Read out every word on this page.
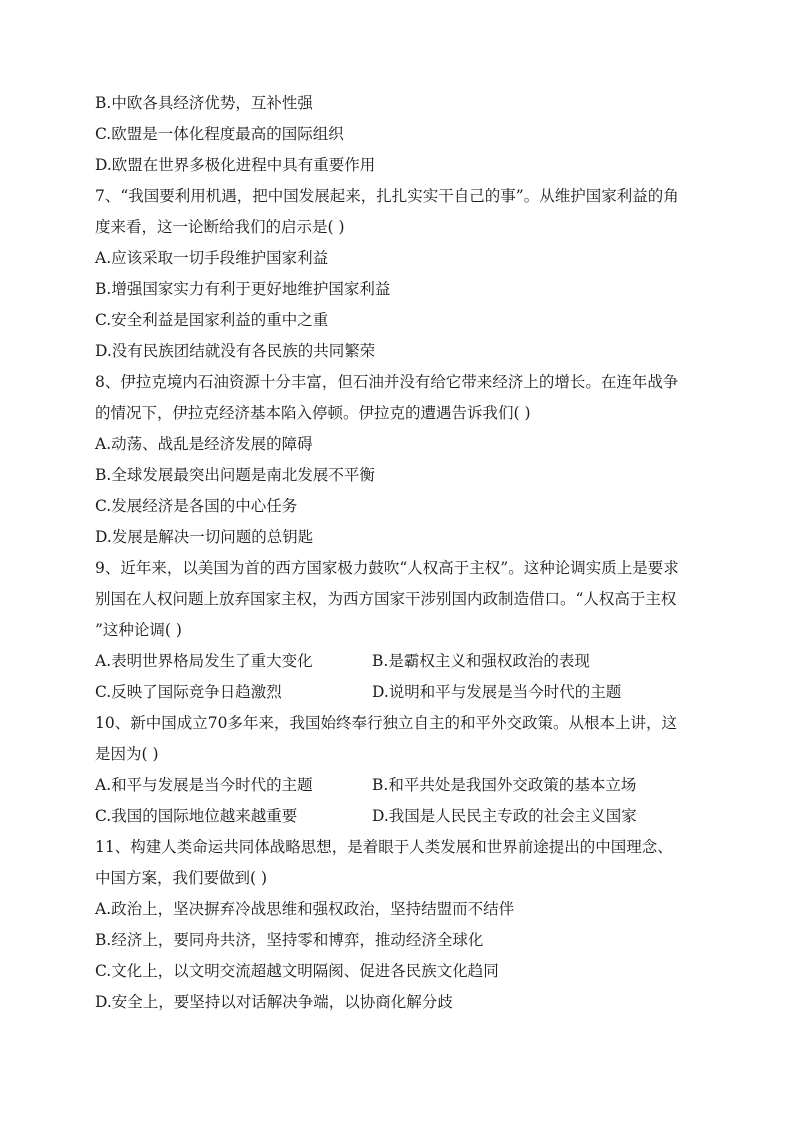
B.中欧各具经济优势，互补性强
C.欧盟是一体化程度最高的国际组织
D.欧盟在世界多极化进程中具有重要作用
7、“我国要利用机遇，把中国发展起来，扎扎实实干自己的事”。从维护国家利益的角
度来看，这一论断给我们的启示是( )
A.应该采取一切手段维护国家利益
B.增强国家实力有利于更好地维护国家利益
C.安全利益是国家利益的重中之重
D.没有民族团结就没有各民族的共同繁荣
8、伊拉克境内石油资源十分丰富，但石油并没有给它带来经济上的增长。在连年战争
的情况下，伊拉克经济基本陷入停顿。伊拉克的遭遇告诉我们( )
A.动荡、战乱是经济发展的障碍
B.全球发展最突出问题是南北发展不平衡
C.发展经济是各国的中心任务
D.发展是解决一切问题的总钥匙
9、近年来，以美国为首的西方国家极力鼓吹“人权高于主权”。这种论调实质上是要求
别国在人权问题上放弃国家主权，为西方国家干涉别国内政制造借口。“人权高于主权
”这种论调( )
A.表明世界格局发生了重大变化	B.是霸权主义和强权政治的表现
C.反映了国际竞争日趋激烈	D.说明和平与发展是当今时代的主题
10、新中国成立70多年来，我国始终奉行独立自主的和平外交政策。从根本上讲，这
是因为( )
A.和平与发展是当今时代的主题	B.和平共处是我国外交政策的基本立场
C.我国的国际地位越来越重要	D.我国是人民民主专政的社会主义国家
11、构建人类命运共同体战略思想，是着眼于人类发展和世界前途提出的中国理念、
中国方案，我们要做到( )
A.政治上，坚决摒弃冷战思维和强权政治，坚持结盟而不结伴
B.经济上，要同舟共济，坚持零和博弈，推动经济全球化
C.文化上，以文明交流超越文明隔阂、促进各民族文化趋同
D.安全上，要坚持以对话解决争端，以协商化解分歧
